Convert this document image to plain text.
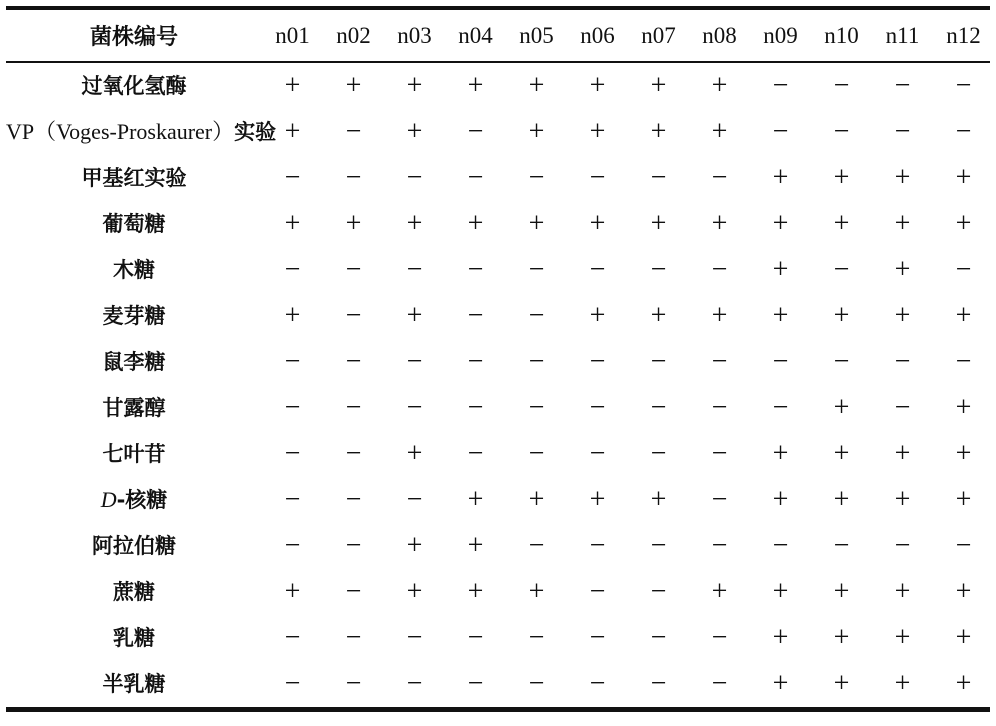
菌株编号	n01	n02	n03	n04	n05	n06	n07	n08	n09	n10	n11	n12
过氧化氢酶	+	+	+	+	+	+	+	+	−	−	−	−
VP（Voges-Proskaurer）实验	+	−	+	−	+	+	+	+	−	−	−	−
甲基红实验	−	−	−	−	−	−	−	−	+	+	+	+
葡萄糖	+	+	+	+	+	+	+	+	+	+	+	+
木糖	−	−	−	−	−	−	−	−	+	−	+	−
麦芽糖	+	−	+	−	−	+	+	+	+	+	+	+
鼠李糖	−	−	−	−	−	−	−	−	−	−	−	−
甘露醇	−	−	−	−	−	−	−	−	−	+	−	+
七叶苷	−	−	+	−	−	−	−	−	+	+	+	+
D-核糖	−	−	−	+	+	+	+	−	+	+	+	+
阿拉伯糖	−	−	+	+	−	−	−	−	−	−	−	−
蔗糖	+	−	+	+	+	−	−	+	+	+	+	+
乳糖	−	−	−	−	−	−	−	−	+	+	+	+
半乳糖	−	−	−	−	−	−	−	−	+	+	+	+
